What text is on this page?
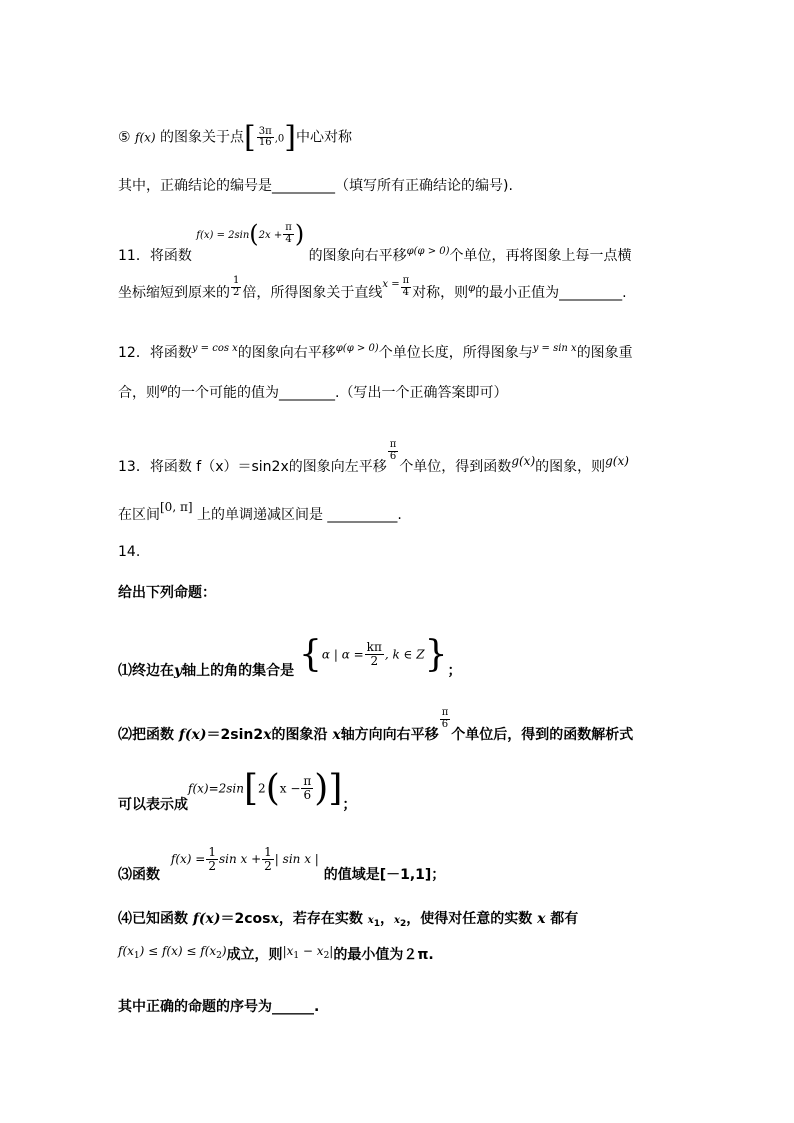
⑤ f(x) 的图象关于点[ $\frac{3\pi}{16} ,0$]中心对称
其中，正确结论的编号是_________（填写所有正确结论的编号).
11．将函数 $f(x) = 2\sin(2x + \frac{\pi}{4}$ ) 的图象向右平移$_{\varphi(\varphi > 0)}$个单位，再将图象上每一点横
坐标缩短到原来的 $\frac{1}{2}$ 倍，所得图象关于直线$^{x =} \frac{\pi}{4}$ 对称，则$^\varphi$的最小正值为_________.
12．将函数$^{y = cos x}$的图象向右平移$^{\varphi(\varphi > 0)}$个单位长度，所得图象与$^{y = sin x}$的图象重
合，则$^\varphi$的一个可能的值为________.（写出一个正确答案即可）
13．将函数 f（x）＝sin2x的图象向左平移
$\frac{\pi}{6}$
个单位，得到函数g(x)的图象，则g(x)
在区间[0, π] 上的单调递减区间是 __________.
14.
给出下列命题：
⑴终边在y轴上的角的集合是 {α | $\alpha = \frac{k\pi}{2}$ , k ∈ Z}；
⑵把函数 f(x)＝2sin2x的图象沿 x轴方向向右平移
$\frac{\pi}{6}$
个单位后，得到的函数解析式
可以表示成$f(x)=2\sin[2(x - \frac{\pi}{6}$ )]；
⑶函数 $f(x) = \frac{1}{2}$ $\sin x + \frac{1}{2}$ | sin x | 的值域是[－1,1]；
⑷已知函数 f(x)＝2cosx，若存在实数 $x_1$，$x_2$，使得对任意的实数 x 都有
$f(x_1) \le f(x) \le f(x_2)$成立，则$|x_1 - x_2|$的最小值为２π.
其中正确的命题的序号为______.
